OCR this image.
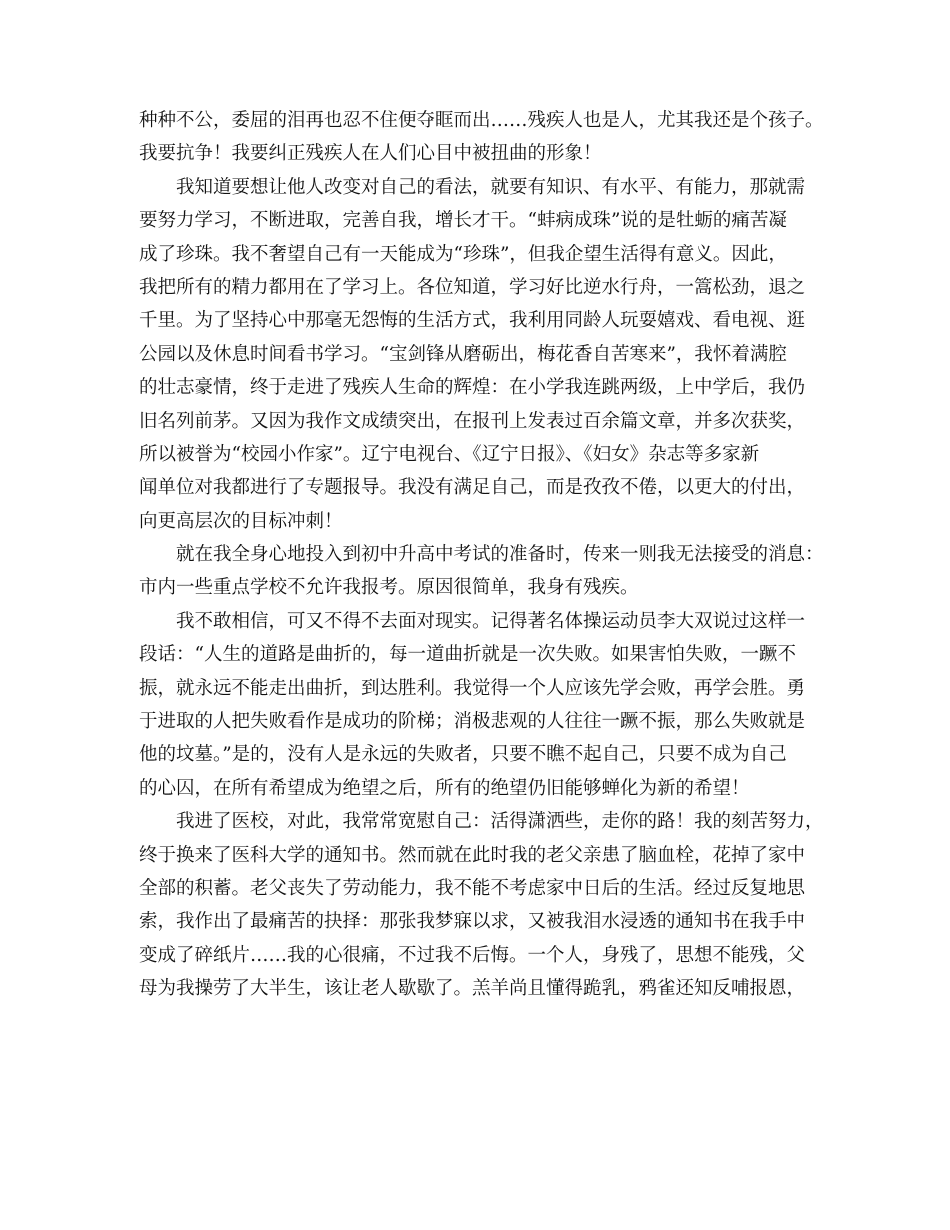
种种不公，委屈的泪再也忍不住便夺眶而出……残疾人也是人，尤其我还是个孩子。
我要抗争！我要纠正残疾人在人们心目中被扭曲的形象！
我知道要想让他人改变对自己的看法，就要有知识、有水平、有能力，那就需
要努力学习，不断进取，完善自我，增长才干。“蚌病成珠”说的是牡蛎的痛苦凝
成了珍珠。我不奢望自己有一天能成为“珍珠”，但我企望生活得有意义。因此，
我把所有的精力都用在了学习上。各位知道，学习好比逆水行舟，一篙松劲，退之
千里。为了坚持心中那毫无怨悔的生活方式，我利用同龄人玩耍嬉戏、看电视、逛
公园以及休息时间看书学习。“宝剑锋从磨砺出，梅花香自苦寒来”，我怀着满腔
的壮志豪情，终于走进了残疾人生命的辉煌：在小学我连跳两级，上中学后，我仍
旧名列前茅。又因为我作文成绩突出，在报刊上发表过百余篇文章，并多次获奖，
所以被誉为“校园小作家”。辽宁电视台、《辽宁日报》、《妇女》杂志等多家新
闻单位对我都进行了专题报导。我没有满足自己，而是孜孜不倦，以更大的付出，
向更高层次的目标冲刺！
就在我全身心地投入到初中升高中考试的准备时，传来一则我无法接受的消息：
市内一些重点学校不允许我报考。原因很简单，我身有残疾。
我不敢相信，可又不得不去面对现实。记得著名体操运动员李大双说过这样一
段话：“人生的道路是曲折的，每一道曲折就是一次失败。如果害怕失败，一蹶不
振，就永远不能走出曲折，到达胜利。我觉得一个人应该先学会败，再学会胜。勇
于进取的人把失败看作是成功的阶梯；消极悲观的人往往一蹶不振，那么失败就是
他的坟墓。”是的，没有人是永远的失败者，只要不瞧不起自己，只要不成为自己
的心囚，在所有希望成为绝望之后，所有的绝望仍旧能够蝉化为新的希望！
我进了医校，对此，我常常宽慰自己：活得潇洒些，走你的路！我的刻苦努力，
终于换来了医科大学的通知书。然而就在此时我的老父亲患了脑血栓，花掉了家中
全部的积蓄。老父丧失了劳动能力，我不能不考虑家中日后的生活。经过反复地思
索，我作出了最痛苦的抉择：那张我梦寐以求，又被我泪水浸透的通知书在我手中
变成了碎纸片……我的心很痛，不过我不后悔。一个人，身残了，思想不能残，父
母为我操劳了大半生，该让老人歇歇了。羔羊尚且懂得跪乳，鸦雀还知反哺报恩，
